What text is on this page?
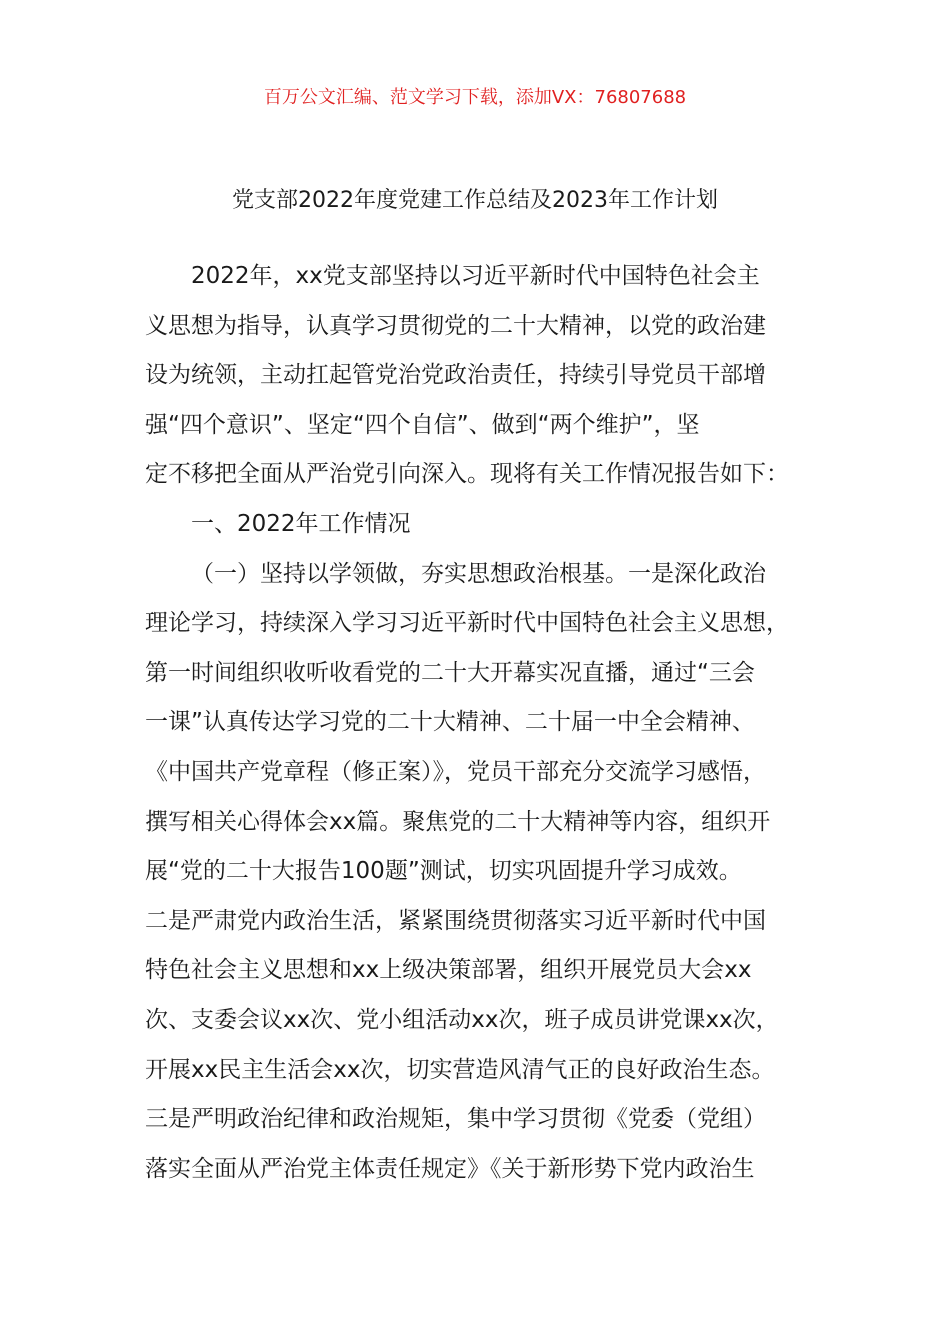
百万公文汇编、范文学习下载，添加VX：76807688
党支部2022年度党建工作总结及2023年工作计划
2022年，xx党支部坚持以习近平新时代中国特色社会主
义思想为指导，认真学习贯彻党的二十大精神，以党的政治建
设为统领，主动扛起管党治党政治责任，持续引导党员干部增
强“四个意识”、坚定“四个自信”、做到“两个维护”，坚
定不移把全面从严治党引向深入。现将有关工作情况报告如下：
一、2022年工作情况
（一）坚持以学领做，夯实思想政治根基。一是深化政治
理论学习，持续深入学习习近平新时代中国特色社会主义思想，
第一时间组织收听收看党的二十大开幕实况直播，通过“三会
一课”认真传达学习党的二十大精神、二十届一中全会精神、
《中国共产党章程（修正案）》，党员干部充分交流学习感悟，
撰写相关心得体会xx篇。聚焦党的二十大精神等内容，组织开
展“党的二十大报告100题”测试，切实巩固提升学习成效。
二是严肃党内政治生活，紧紧围绕贯彻落实习近平新时代中国
特色社会主义思想和xx上级决策部署，组织开展党员大会xx
次、支委会议xx次、党小组活动xx次，班子成员讲党课xx次，
开展xx民主生活会xx次，切实营造风清气正的良好政治生态。
三是严明政治纪律和政治规矩，集中学习贯彻《党委（党组）
落实全面从严治党主体责任规定》《关于新形势下党内政治生
